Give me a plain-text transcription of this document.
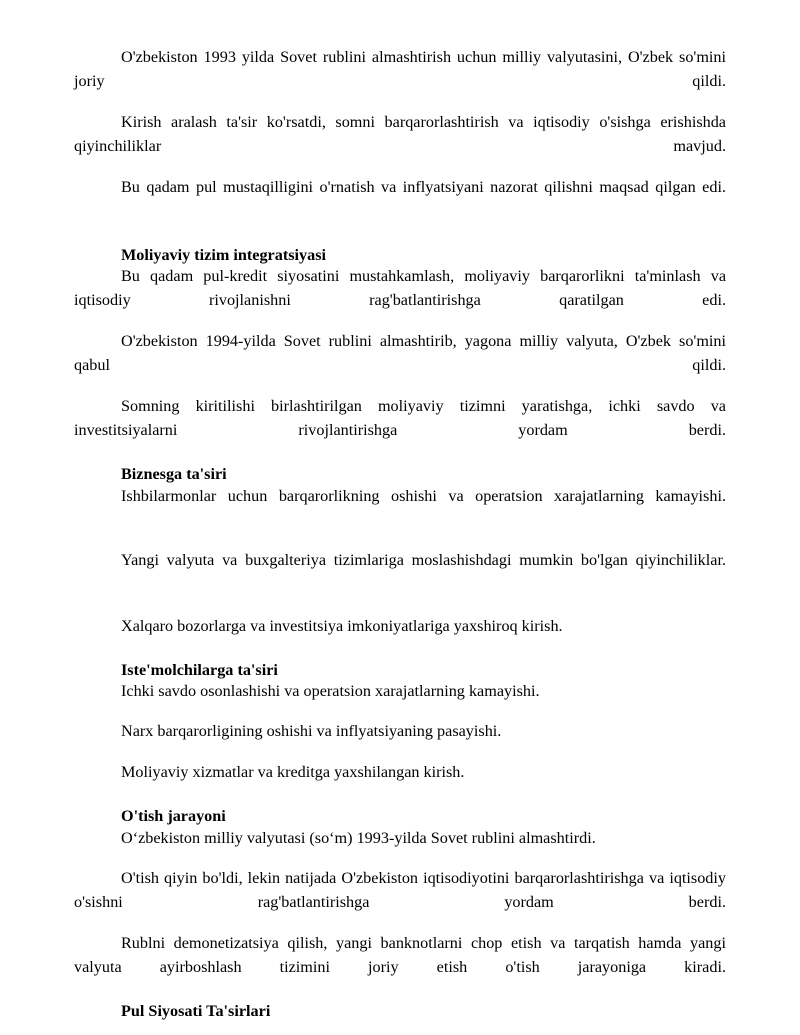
O'zbekiston 1993 yilda Sovet rublini almashtirish uchun milliy valyutasini, O'zbek so'mini joriy qildi.

Kirish aralash ta'sir ko'rsatdi, somni barqarorlashtirish va iqtisodiy o'sishga erishishda qiyinchiliklar mavjud.

Bu qadam pul mustaqilligini o'rnatish va inflyatsiyani nazorat qilishni maqsad qilgan edi.

Moliyaviy tizim integratsiyasi

Bu qadam pul-kredit siyosatini mustahkamlash, moliyaviy barqarorlikni ta'minlash va iqtisodiy rivojlanishni rag'batlantirishga qaratilgan edi.

O'zbekiston 1994-yilda Sovet rublini almashtirib, yagona milliy valyuta, O'zbek so'mini qabul qildi.

Somning kiritilishi birlashtirilgan moliyaviy tizimni yaratishga, ichki savdo va investitsiyalarni rivojlantirishga yordam berdi.

Biznesga ta'siri

Ishbilarmonlar uchun barqarorlikning oshishi va operatsion xarajatlarning kamayishi.

Yangi valyuta va buxgalteriya tizimlariga moslashishdagi mumkin bo'lgan qiyinchiliklar.

Xalqaro bozorlarga va investitsiya imkoniyatlariga yaxshiroq kirish.

Iste'molchilarga ta'siri

Ichki savdo osonlashishi va operatsion xarajatlarning kamayishi.

Narx barqarorligining oshishi va inflyatsiyaning pasayishi.

Moliyaviy xizmatlar va kreditga yaxshilangan kirish.

O'tish jarayoni

O‘zbekiston milliy valyutasi (so‘m) 1993-yilda Sovet rublini almashtirdi.

O'tish qiyin bo'ldi, lekin natijada O'zbekiston iqtisodiyotini barqarorlashtirishga va iqtisodiy o'sishni rag'batlantirishga yordam berdi.

Rublni demonetizatsiya qilish, yangi banknotlarni chop etish va tarqatish hamda yangi valyuta ayirboshlash tizimini joriy etish o'tish jarayoniga kiradi.

Pul Siyosati Ta'sirlari
